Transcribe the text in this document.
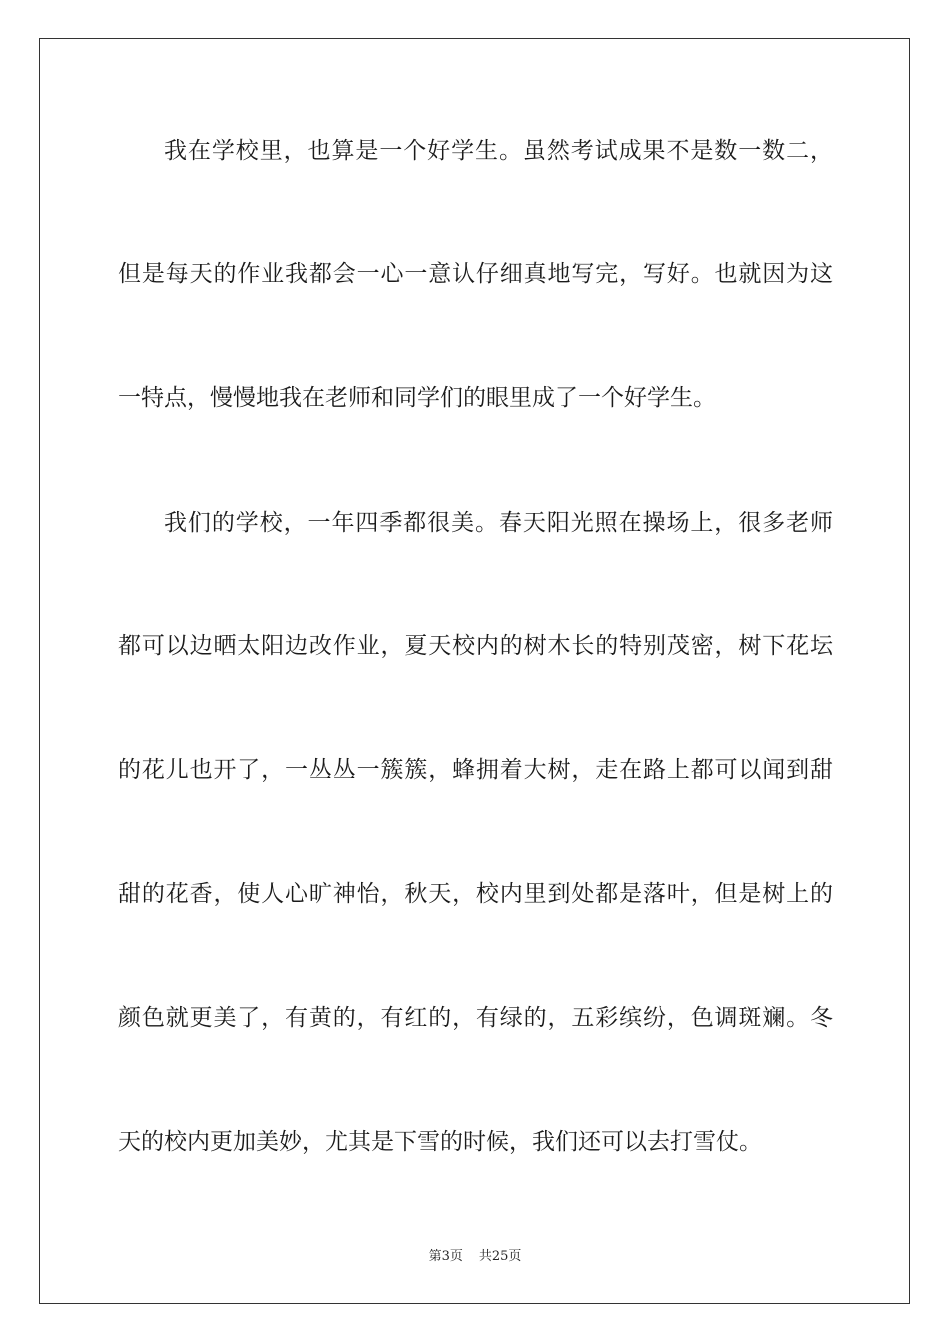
我在学校里，也算是一个好学生。虽然考试成果不是数一数二，
但是每天的作业我都会一心一意认仔细真地写完，写好。也就因为这
一特点，慢慢地我在老师和同学们的眼里成了一个好学生。
我们的学校，一年四季都很美。春天阳光照在操场上，很多老师
都可以边晒太阳边改作业，夏天校内的树木长的特别茂密，树下花坛
的花儿也开了，一丛丛一簇簇，蜂拥着大树，走在路上都可以闻到甜
甜的花香，使人心旷神怡，秋天，校内里到处都是落叶，但是树上的
颜色就更美了，有黄的，有红的，有绿的，五彩缤纷，色调斑斓。冬
天的校内更加美妙，尤其是下雪的时候，我们还可以去打雪仗。
第3页 共25页
